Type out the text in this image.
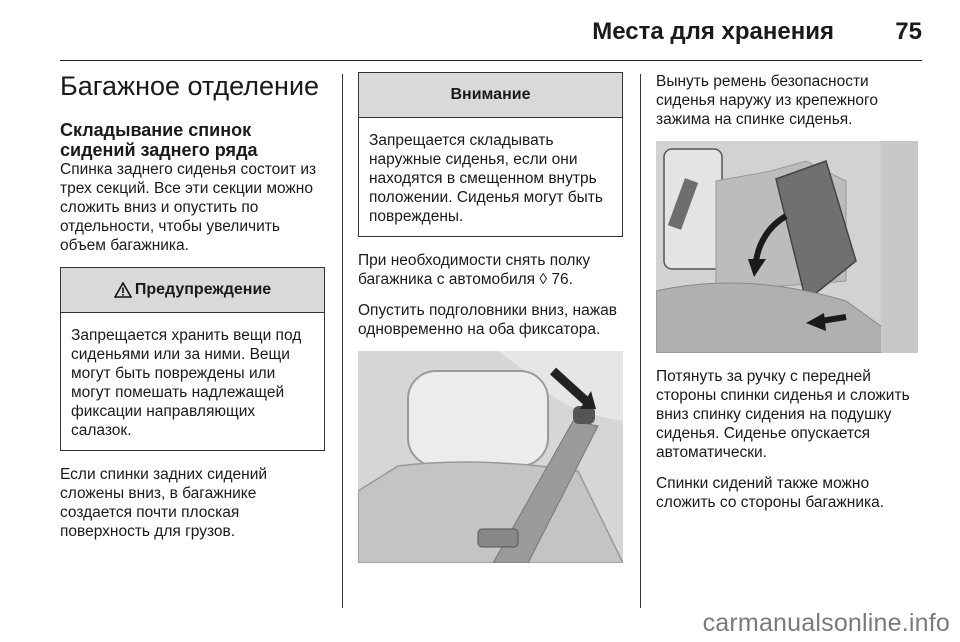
Места для хранения	75
Багажное отделение
Складывание спинок сидений заднего ряда

Спинка заднего сиденья состоит из трех секций. Все эти секции можно сложить вниз и опустить по отдельности, чтобы увеличить объем багажника.

Предупреждение
Запрещается хранить вещи под сиденьями или за ними. Вещи могут быть повреждены или могут помешать надлежащей фиксации направляющих салазок.

Если спинки задних сидений сложены вниз, в багажнике создается почти плоская поверхность для грузов.

Внимание
Запрещается складывать наружные сиденья, если они находятся в смещенном внутрь положении. Сиденья могут быть повреждены.

При необходимости снять полку багажника с автомобиля ◊ 76.

Опустить подголовники вниз, нажав одновременно на оба фиксатора.

Вынуть ремень безопасности сиденья наружу из крепежного зажима на спинке сиденья.

Потянуть за ручку с передней стороны спинки сиденья и сложить вниз спинку сидения на подушку сиденья. Сиденье опускается автоматически.

Спинки сидений также можно сложить со стороны багажника.

carmanualsonline.info
